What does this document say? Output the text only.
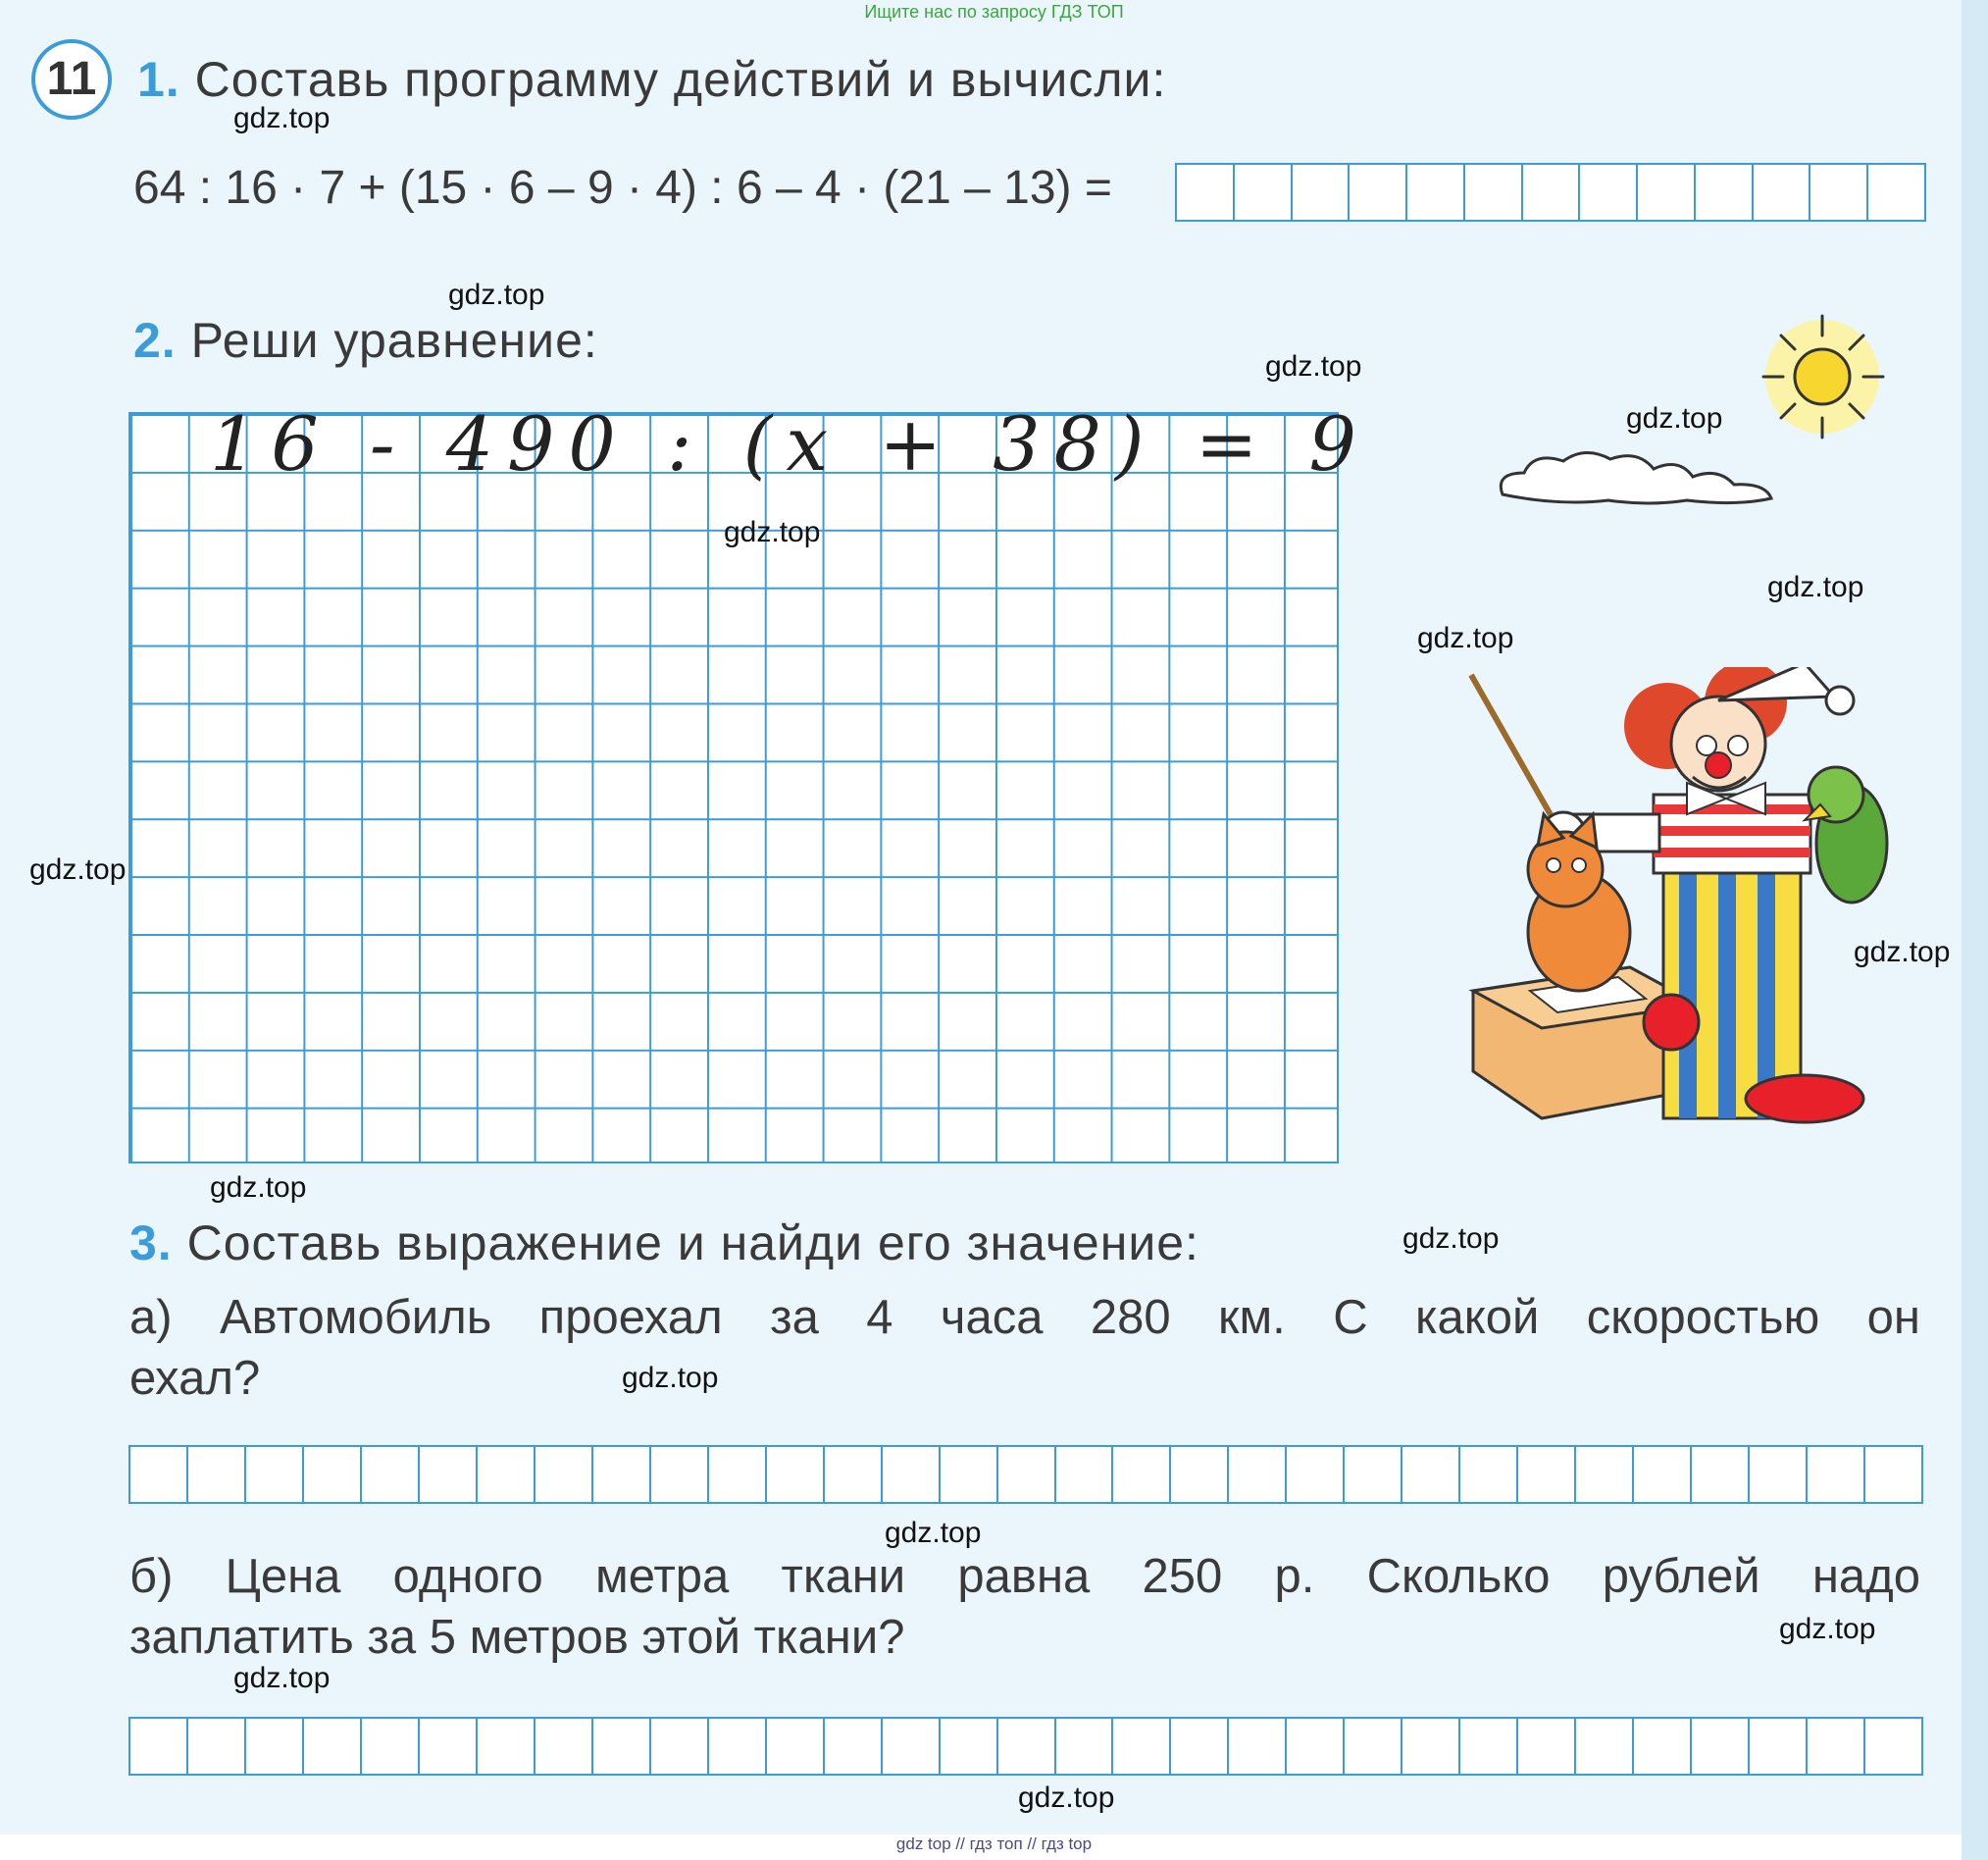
Ищите нас по запросу ГДЗ ТОП
11 1. Составь программу действий и вычисли:
64 : 16 · 7 + (15 · 6 – 9 · 4) : 6 – 4 · (21 – 13) =
2. Реши уравнение:
16 - 490 : (x + 38) = 9
3. Составь выражение и найди его значение:
а) Автомобиль проехал за 4 часа 280 км. С какой скоростью он
ехал?
б) Цена одного метра ткани равна 250 р. Сколько рублей надо
заплатить за 5 метров этой ткани?
gdz.top
gdz.top
gdz.top
gdz.top
gdz.top
gdz.top
gdz.top
gdz.top
gdz.top
gdz.top
gdz.top
gdz.top
gdz.top
gdz.top
gdz.top
gdz.top
gdz top // гдз топ // гдз top
